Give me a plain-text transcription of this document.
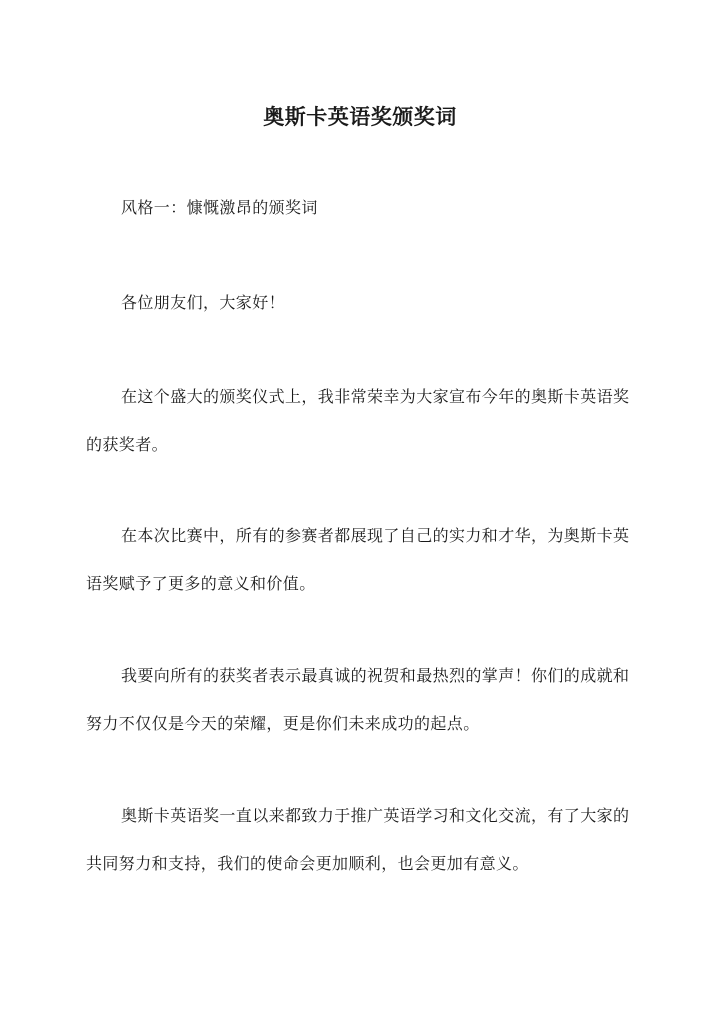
奥斯卡英语奖颁奖词

风格一：慷慨激昂的颁奖词

各位朋友们，大家好！

在这个盛大的颁奖仪式上，我非常荣幸为大家宣布今年的奥斯卡英语奖的获奖者。

在本次比赛中，所有的参赛者都展现了自己的实力和才华，为奥斯卡英语奖赋予了更多的意义和价值。

我要向所有的获奖者表示最真诚的祝贺和最热烈的掌声！你们的成就和努力不仅仅是今天的荣耀，更是你们未来成功的起点。

奥斯卡英语奖一直以来都致力于推广英语学习和文化交流，有了大家的共同努力和支持，我们的使命会更加顺利，也会更加有意义。
